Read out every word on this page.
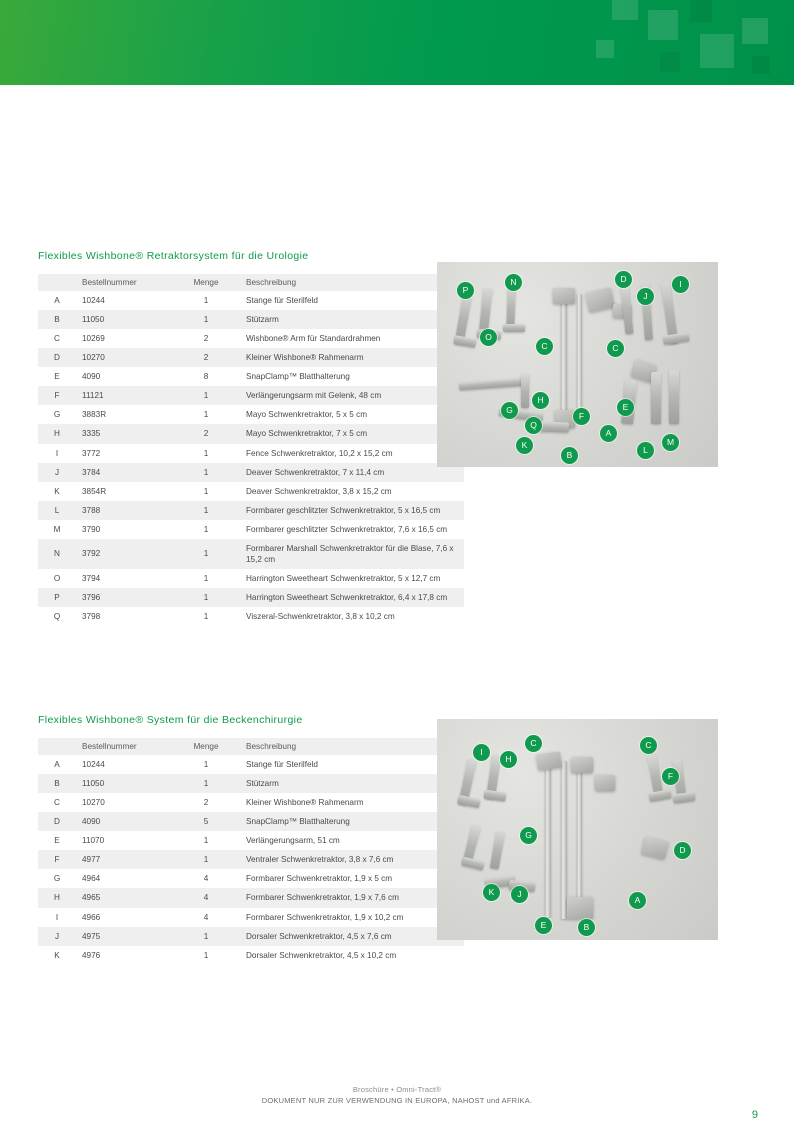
Flexibles Wishbone® Retraktorsystem für die Urologie
	Bestellnummer	Menge	Beschreibung
A	10244	1	Stange für Sterilfeld
B	11050	1	Stützarm
C	10269	2	Wishbone® Arm für Standardrahmen
D	10270	2	Kleiner Wishbone® Rahmenarm
E	4090	8	SnapClamp™ Blatthalterung
F	11121	1	Verlängerungsarm mit Gelenk, 48 cm
G	3883R	1	Mayo Schwenkretraktor, 5 x 5 cm
H	3335	2	Mayo Schwenkretraktor, 7 x 5 cm
I	3772	1	Fence Schwenkretraktor, 10,2 x 15,2 cm
J	3784	1	Deaver Schwenkretraktor, 7 x 11,4 cm
K	3854R	1	Deaver Schwenkretraktor, 3,8 x 15,2 cm
L	3788	1	Formbarer geschlitzter Schwenkretraktor, 5 x 16,5 cm
M	3790	1	Formbarer geschlitzter Schwenkretraktor, 7,6 x 16,5 cm
N	3792	1	Formbarer Marshall Schwenkretraktor für die Blase, 7,6 x 15,2 cm
O	3794	1	Harrington Sweetheart Schwenkretraktor, 5 x 12,7 cm
P	3796	1	Harrington Sweetheart Schwenkretraktor, 6,4 x 17,8 cm
Q	3798	1	Viszeral-Schwenkretraktor, 3,8 x 10,2 cm
P
N	D	I
J
O
C	C
H
G
F
E
Q
A
K
B	L
M
Flexibles Wishbone® System für die Beckenchirurgie
	Bestellnummer	Menge	Beschreibung
A	10244	1	Stange für Sterilfeld
B	11050	1	Stützarm
C	10270	2	Kleiner Wishbone® Rahmenarm
D	4090	5	SnapClamp™ Blatthalterung
E	11070	1	Verlängerungsarm, 51 cm
F	4977	1	Ventraler Schwenkretraktor, 3,8 x 7,6 cm
G	4964	4	Formbarer Schwenkretraktor, 1,9 x 5 cm
H	4965	4	Formbarer Schwenkretraktor, 1,9 x 7,6 cm
I	4966	4	Formbarer Schwenkretraktor, 1,9 x 10,2 cm
J	4975	1	Dorsaler Schwenkretraktor, 4,5 x 7,6 cm
K	4976	1	Dorsaler Schwenkretraktor, 4,5 x 10,2 cm
I
H
C	C
F
G
D
K	J
A
E	B
Broschüre • Omni-Tract®
DOKUMENT NUR ZUR VERWENDUNG IN EUROPA, NAHOST und AFRIKA.
9
